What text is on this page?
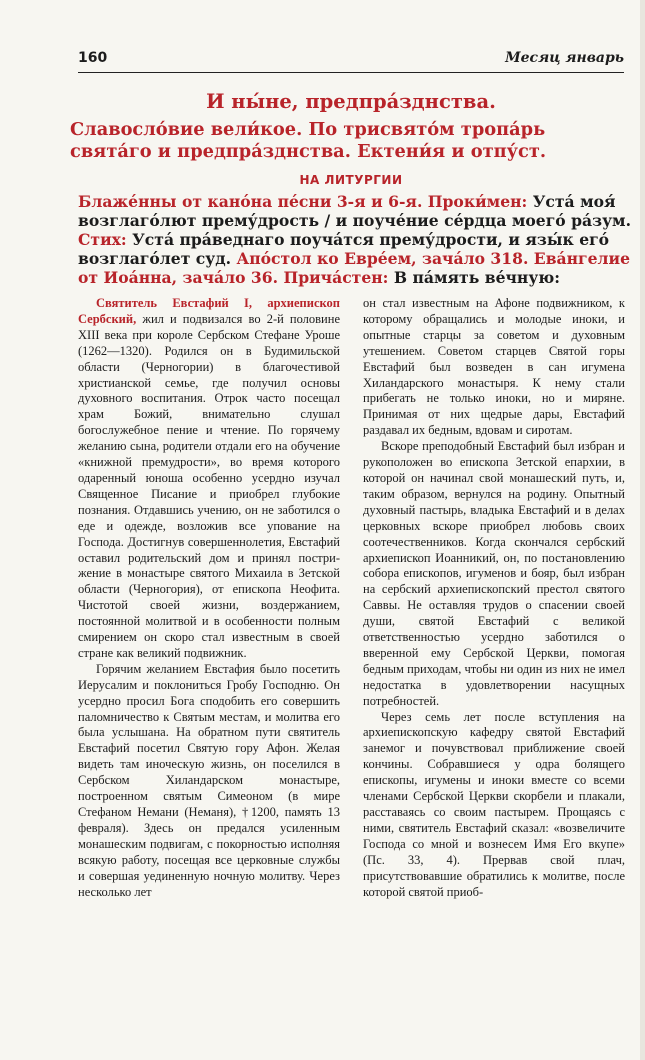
160	Месяц январь
И ны́не, предпра́зднства.
Славосло́вие вели́кое. По трисвято́м тропа́рь
свята́го и предпра́зднства. Ектени́я и отпу́ст.
НА ЛИТУРГИИ
Блаже́нны от кано́на пе́сни 3-я и 6-я. Проки́мен: Уста́ моя́
возглаго́лют прему́дрость / и поуче́ние се́рдца моего́ ра́зум.
Стих: Уста́ пра́веднаго поуча́тся прему́дрости, и язы́к его́
возглаго́лет суд. Апо́стол ко Евре́ем, зача́ло 318. Ева́нгелие
от Иоа́нна, зача́ло 36. Прича́стен: В па́мять ве́чную:

Святитель Евстафий I, архиепископ Сербский, жил и подвизался во 2-й половине XIII века при короле Сербском Стефане Уроше (1262—1320). Родился он в Будимильской области (Черногории) в благочестивой христианской семье, где получил основы духовного воспитания. Отрок часто посещал храм Божий, внимательно слушал богослужебное пение и чтение. По горячему желанию сына, родители отдали его на обучение «книжной премудрости», во время которого одаренный юноша особенно усердно изучал Священное Писание и приобрел глубокие познания. Отдавшись учению, он не заботился о еде и одежде, возложив все упование на Господа. Достигнув совершеннолетия, Евстафий оставил родительский дом и принял пострижение в монастыре святого Михаила в Зетской области (Черногория), от епископа Неофита. Чистотой своей жизни, воздержанием, постоянной молитвой и в особенности полным смирением он скоро стал известным в своей стране как великий подвижник.

Горячим желанием Евстафия было посетить Иерусалим и поклониться Гробу Господню. Он усердно просил Бога сподобить его совершить паломничество к Святым местам, и молитва его была услышана. На обратном пути святитель Евстафий посетил Святую гору Афон. Желая видеть там иноческую жизнь, он поселился в Сербском Хиландарском монастыре, построенном святым Симеоном (в мире Стефаном Немани (Неманя), †1200, память 13 февраля). Здесь он предался усиленным монашеским подвигам, с покорностью исполняя всякую работу, посещая все церковные службы и совершая уединенную ночную молитву. Через несколько лет

он стал известным на Афоне подвижником, к которому обращались и молодые иноки, и опытные старцы за советом и духовным утешением. Советом старцев Святой горы Евстафий был возведен в сан игумена Хиландарского монастыря. К нему стали прибегать не только иноки, но и миряне. Принимая от них щедрые дары, Евстафий раздавал их бедным, вдовам и сиротам.

Вскоре преподобный Евстафий был избран и рукоположен во епископа Зетской епархии, в которой он начинал свой монашеский путь, и, таким образом, вернулся на родину. Опытный духовный пастырь, владыка Евстафий и в делах церковных вскоре приобрел любовь своих соотечественников. Когда скончался сербский архиепископ Иоанникий, он, по постановлению собора епископов, игуменов и бояр, был избран на сербский архиепископский престол святого Саввы. Не оставляя трудов о спасении своей души, святой Евстафий с великой ответственностью усердно заботился о вверенной ему Сербской Церкви, помогая бедным приходам, чтобы ни один из них не имел недостатка в удовлетворении насущных потребностей.

Через семь лет после вступления на архиепископскую кафедру святой Евстафий занемог и почувствовал приближение своей кончины. Собравшиеся у одра болящего епископы, игумены и иноки вместе со всеми членами Сербской Церкви скорбели и плакали, расставаясь со своим пастырем. Прощаясь с ними, святитель Евстафий сказал: «возвеличите Господа со мной и вознесем Имя Его вкупе» (Пс. 33, 4). Прервав свой плач, присутствовавшие обратились к молитве, после которой святой приоб-
